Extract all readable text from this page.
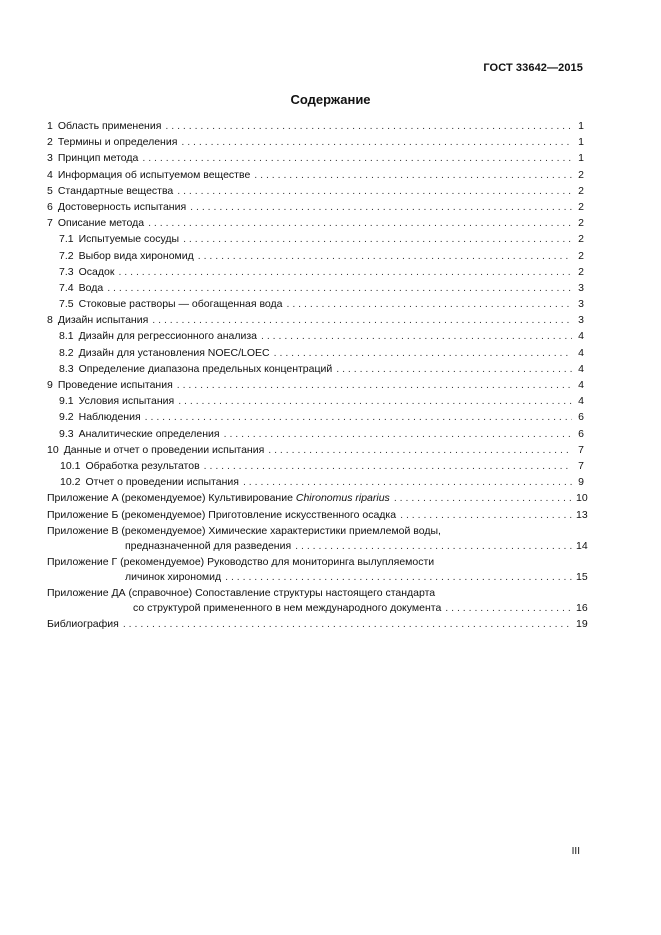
ГОСТ 33642—2015
Содержание
1 Область применения . . .	1
2 Термины и определения . . .	1
3 Принцип метода . . .	1
4 Информация об испытуемом веществе . . .	2
5 Стандартные вещества . . .	2
6 Достоверность испытания . . .	2
7 Описание метода . . .	2
7.1 Испытуемые сосуды . . .	2
7.2 Выбор вида хирономид . . .	2
7.3 Осадок . . .	2
7.4 Вода . . .	3
7.5 Стоковые растворы — обогащенная вода . . .	3
8 Дизайн испытания . . .	3
8.1 Дизайн для регрессионного анализа . . .	4
8.2 Дизайн для установления NOEC/LOEC . . .	4
8.3 Определение диапазона предельных концентраций . . .	4
9 Проведение испытания . . .	4
9.1 Условия испытания . . .	4
9.2 Наблюдения . . .	6
9.3 Аналитические определения . . .	6
10 Данные и отчет о проведении испытания . . .	7
10.1 Обработка результатов . . .	7
10.2 Отчет о проведении испытания . . .	9
Приложение А (рекомендуемое) Культивирование Chironomus riparius . . .	10
Приложение Б (рекомендуемое) Приготовление искусственного осадка . . .	13
Приложение В (рекомендуемое) Химические характеристики приемлемой воды,
предназначенной для разведения . . .	14
Приложение Г (рекомендуемое) Руководство для мониторинга вылупляемости
личинок хирономид . . .	15
Приложение ДА (справочное) Сопоставление структуры настоящего стандарта
со структурой примененного в нем международного документа . . .	16
Библиография . . .	19
III
